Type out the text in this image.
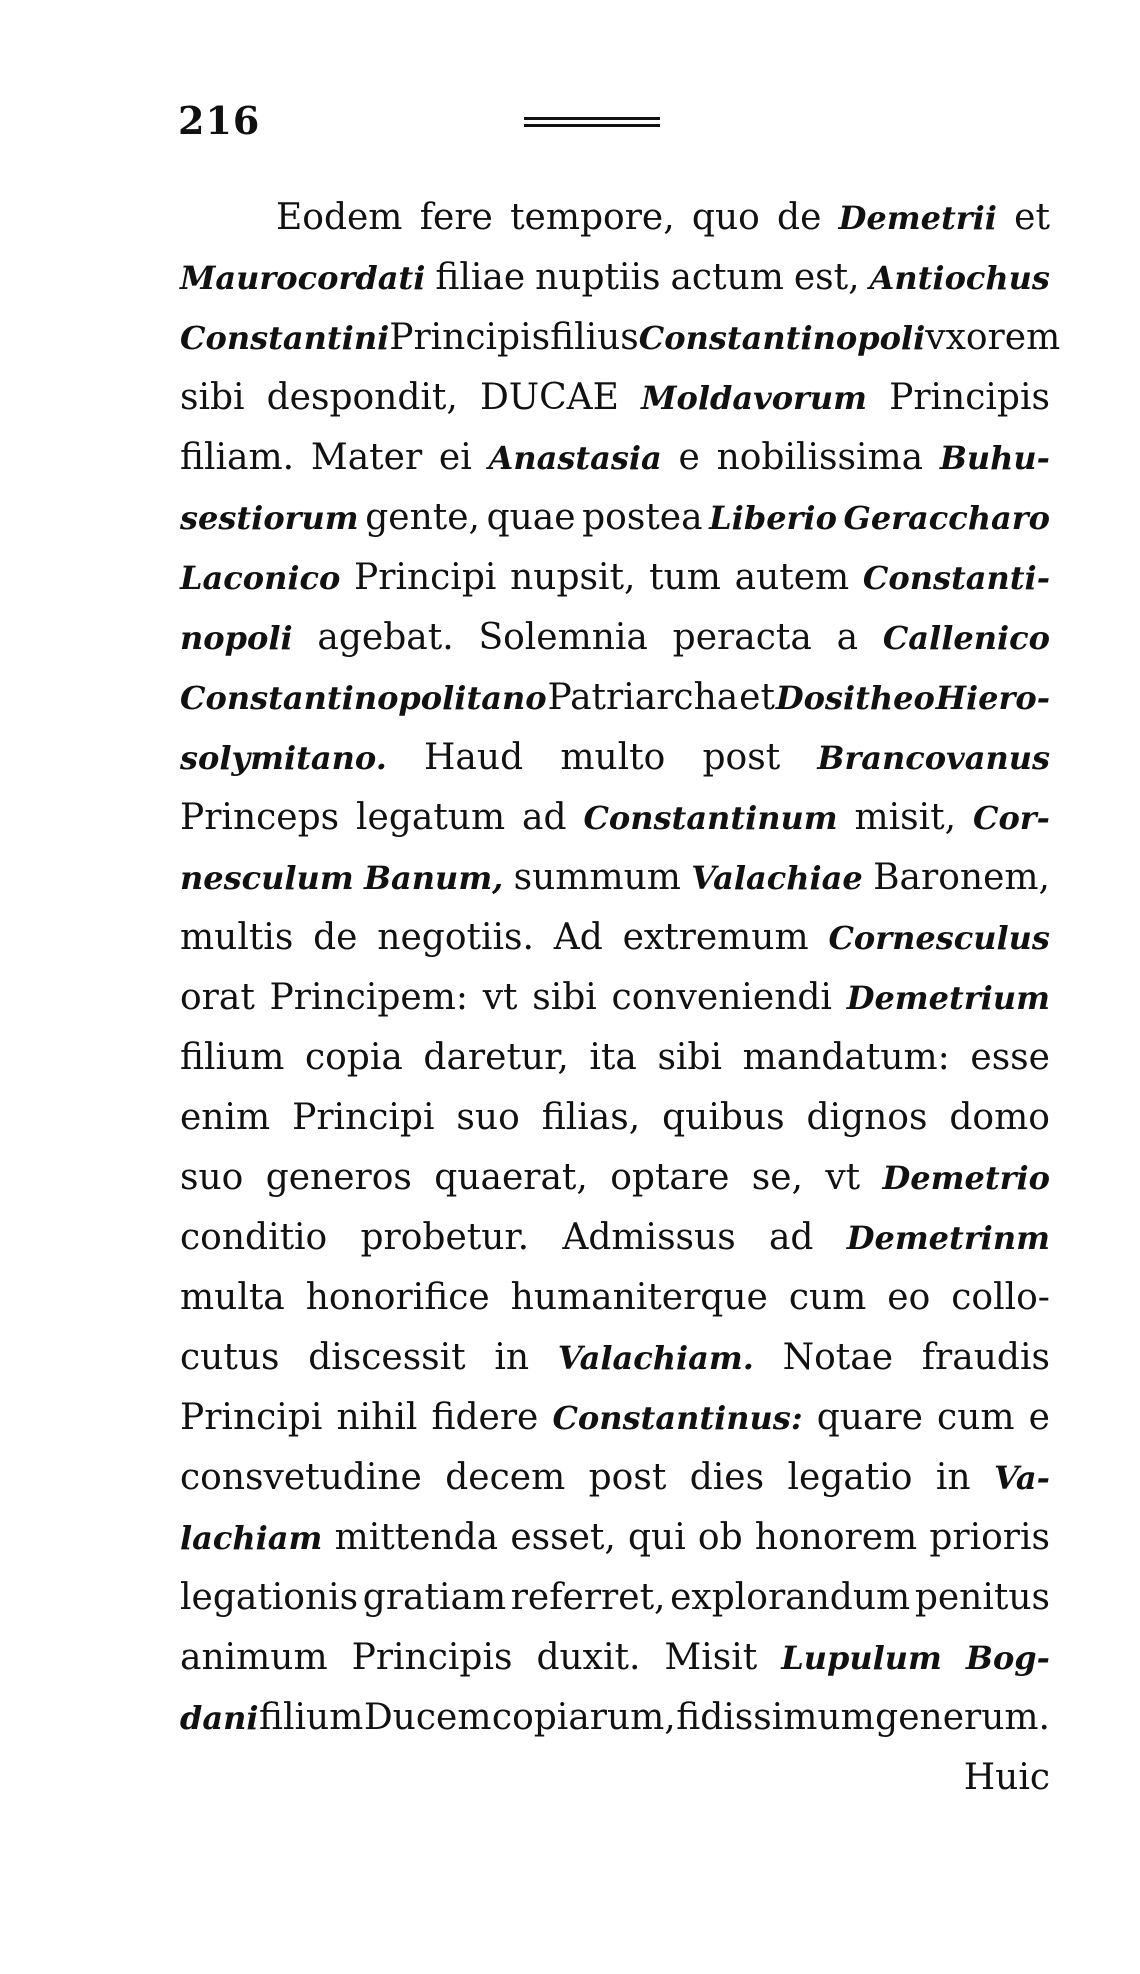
216
Eodem fere tempore, quo de Demetrii et
Maurocordati filiae nuptiis actum est, Antiochus
Constantini Principis filius Constantinopoli vxorem
sibi despondit, DUCAE Moldavorum Principis
filiam. Mater ei Anastasia e nobilissima Buhu-
sestiorum gente, quae postea Liberio Geraccharo
Laconico Principi nupsit, tum autem Constanti-
nopoli agebat. Solemnia peracta a Callenico
Constantinopolitano Patriarcha et Dositheo Hiero-
solymitano. Haud multo post Brancovanus
Princeps legatum ad Constantinum misit, Cor-
nesculum Banum, summum Valachiae Baronem,
multis de negotiis. Ad extremum Cornesculus
orat Principem: vt sibi conveniendi Demetrium
filium copia daretur, ita sibi mandatum: esse
enim Principi suo filias, quibus dignos domo
suo generos quaerat, optare se, vt Demetrio
conditio probetur. Admissus ad Demetrinm
multa honorifice humaniterque cum eo collo-
cutus discessit in Valachiam. Notae fraudis
Principi nihil fidere Constantinus: quare cum e
consvetudine decem post dies legatio in Va-
lachiam mittenda esset, qui ob honorem prioris
legationis gratiam referret, explorandum penitus
animum Principis duxit. Misit Lupulum Bog-
dani filium Ducem copiarum, fidissimum generum.
Huic
